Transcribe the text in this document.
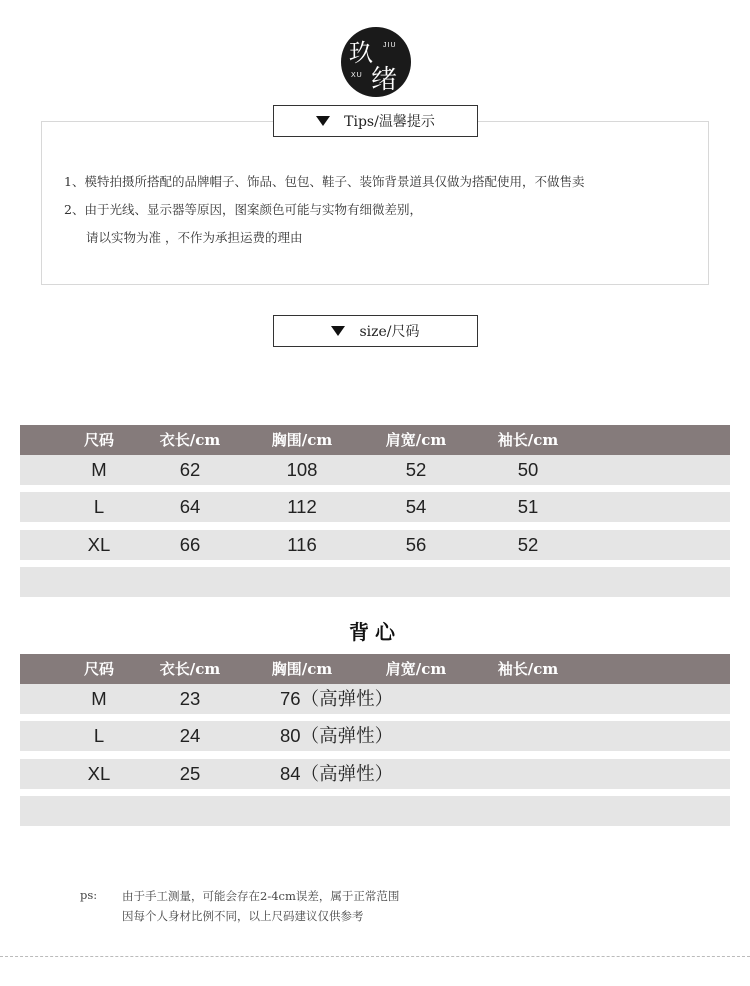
玖 JIU
XU 绪
Tips/温馨提示
1、模特拍摄所搭配的品牌帽子、饰品、包包、鞋子、装饰背景道具仅做为搭配使用，不做售卖
2、由于光线、显示器等原因，图案颜色可能与实物有细微差别，
请以实物为准 ，不作为承担运费的理由
size/尺码
尺码	衣长/cm	胸围/cm	肩宽/cm	袖长/cm
M	62	108	52	50
L	64	112	54	51
XL	66	116	56	52
背心
尺码	衣长/cm	胸围/cm	肩宽/cm	袖长/cm
M	23	76（高弹性）
L	24	80（高弹性）
XL	25	84（高弹性）
ps: 由于手工测量，可能会存在2-4cm误差，属于正常范围
因每个人身材比例不同，以上尺码建议仅供参考
